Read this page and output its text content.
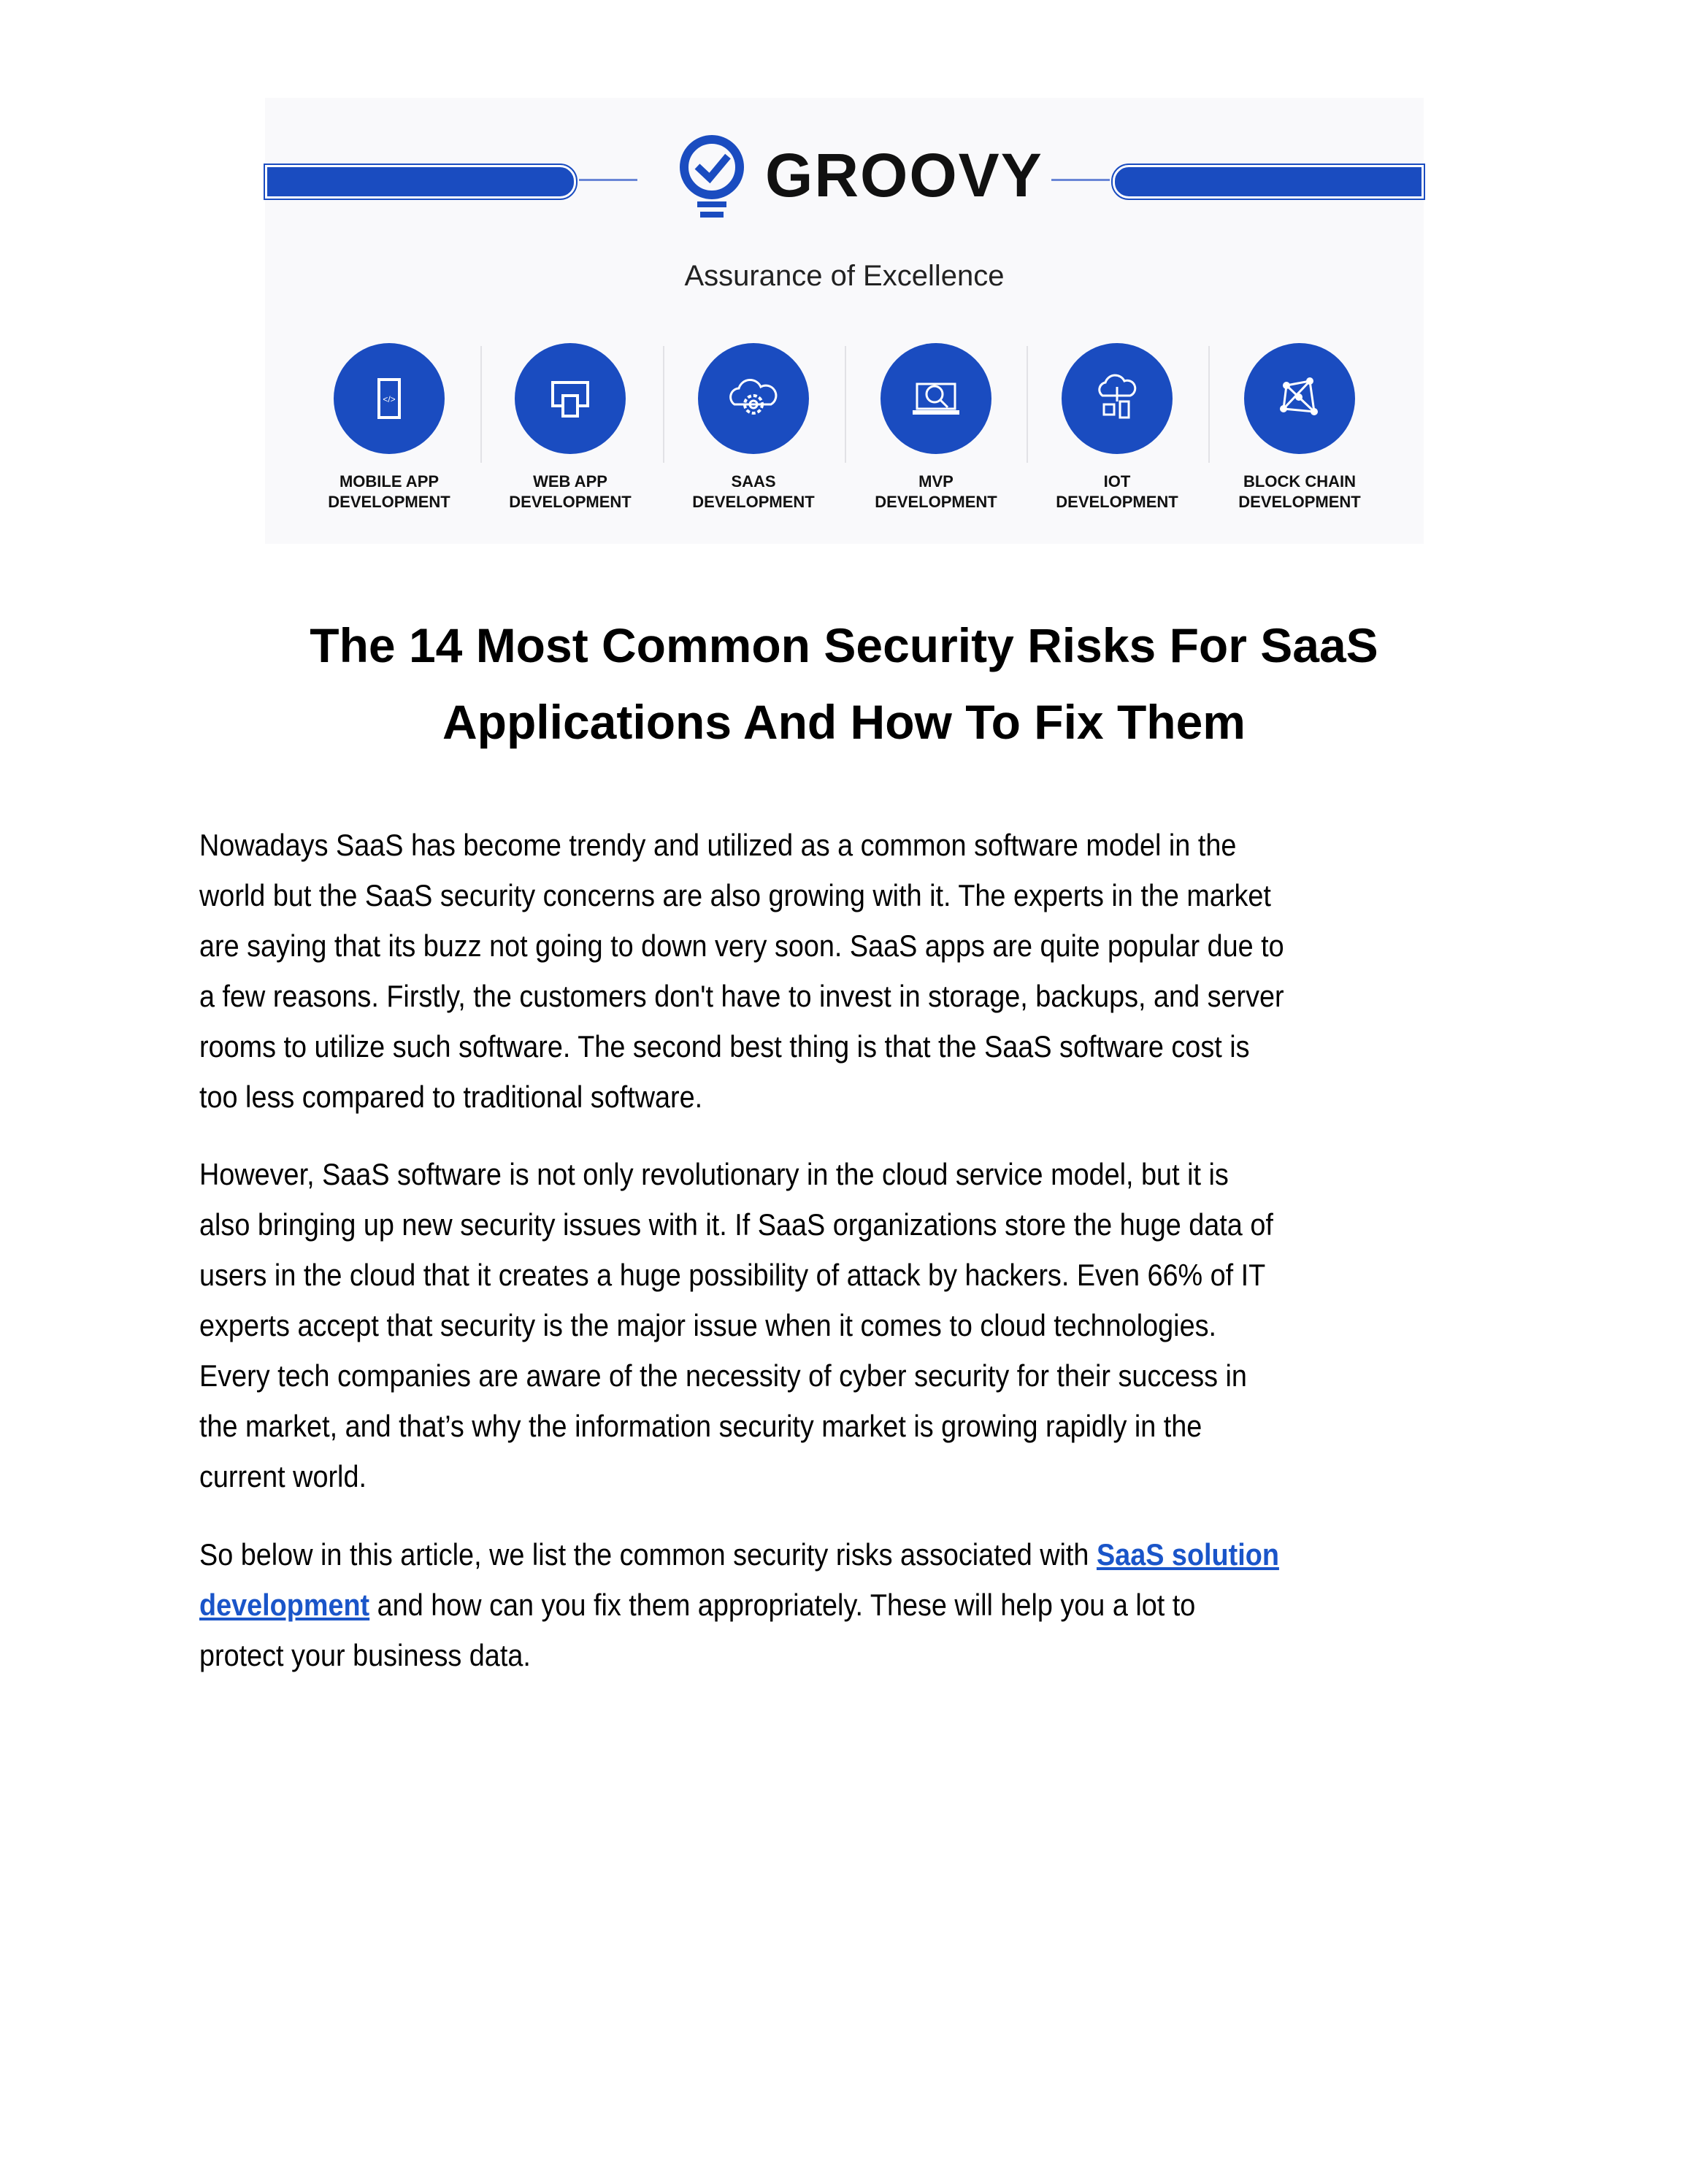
GROOVY
Assurance of Excellence
</>
MOBILE APP
DEVELOPMENT
WEB APP
DEVELOPMENT
SAAS
DEVELOPMENT
MVP
DEVELOPMENT
IOT
DEVELOPMENT
BLOCK CHAIN
DEVELOPMENT
The 14 Most Common Security Risks For SaaS
Applications And How To Fix Them
Nowadays SaaS has become trendy and utilized as a common software model in the
world but the SaaS security concerns are also growing with it. The experts in the market
are saying that its buzz not going to down very soon. SaaS apps are quite popular due to
a few reasons. Firstly, the customers don't have to invest in storage, backups, and server
rooms to utilize such software. The second best thing is that the SaaS software cost is
too less compared to traditional software.
However, SaaS software is not only revolutionary in the cloud service model, but it is
also bringing up new security issues with it. If SaaS organizations store the huge data of
users in the cloud that it creates a huge possibility of attack by hackers. Even 66% of IT
experts accept that security is the major issue when it comes to cloud technologies.
Every tech companies are aware of the necessity of cyber security for their success in
the market, and that’s why the information security market is growing rapidly in the
current world.
So below in this article, we list the common security risks associated with SaaS solution
development and how can you fix them appropriately. These will help you a lot to
protect your business data.
